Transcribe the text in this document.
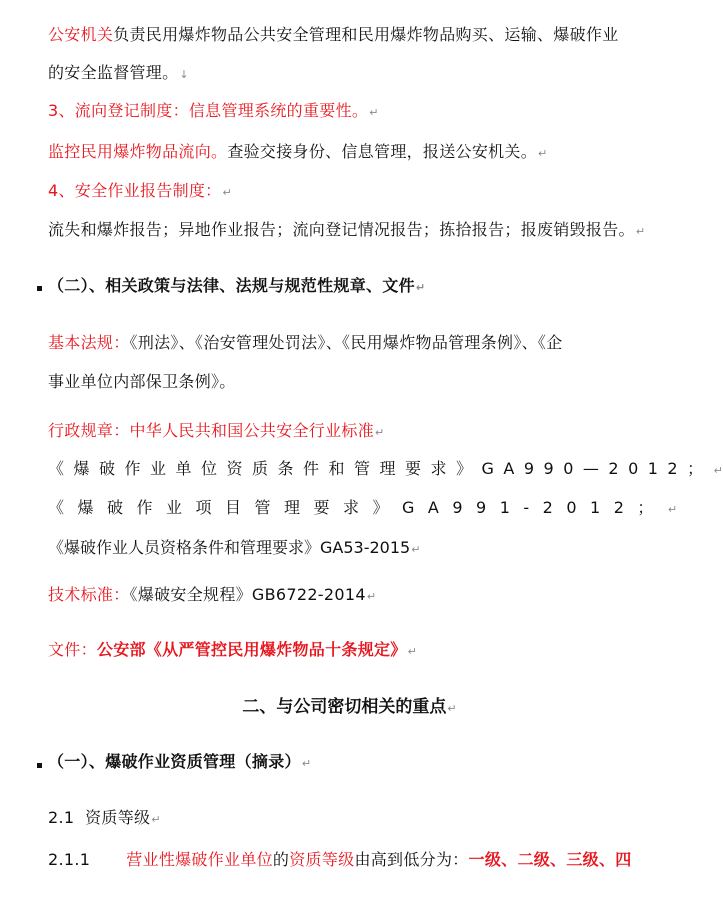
公安机关负责民用爆炸物品公共安全管理和民用爆炸物品购买、运输、爆破作业
的安全监督管理。↓
3、流向登记制度：信息管理系统的重要性。↵
监控民用爆炸物品流向。查验交接身份、信息管理，报送公安机关。↵
4、安全作业报告制度：↵
流失和爆炸报告；异地作业报告；流向登记情况报告；拣拾报告；报废销毁报告。↵
（二）、相关政策与法律、法规与规范性规章、文件↵
基本法规：《刑法》、《治安管理处罚法》、《民用爆炸物品管理条例》、《企
事业单位内部保卫条例》。
行政规章：中华人民共和国公共安全行业标准↵
《爆破作业单位资质条件和管理要求》GA990—2012；↵
《爆破作业项目管理要求》GA991-2012；↵
《爆破作业人员资格条件和管理要求》GA53-2015↵
技术标准：《爆破安全规程》GB6722-2014↵
文件：公安部《从严管控民用爆炸物品十条规定》↵
二、与公司密切相关的重点↵
（一）、爆破作业资质管理（摘录）↵
2.1  资质等级↵
2.1.1 营业性爆破作业单位的资质等级由高到低分为：一级、二级、三级、四
